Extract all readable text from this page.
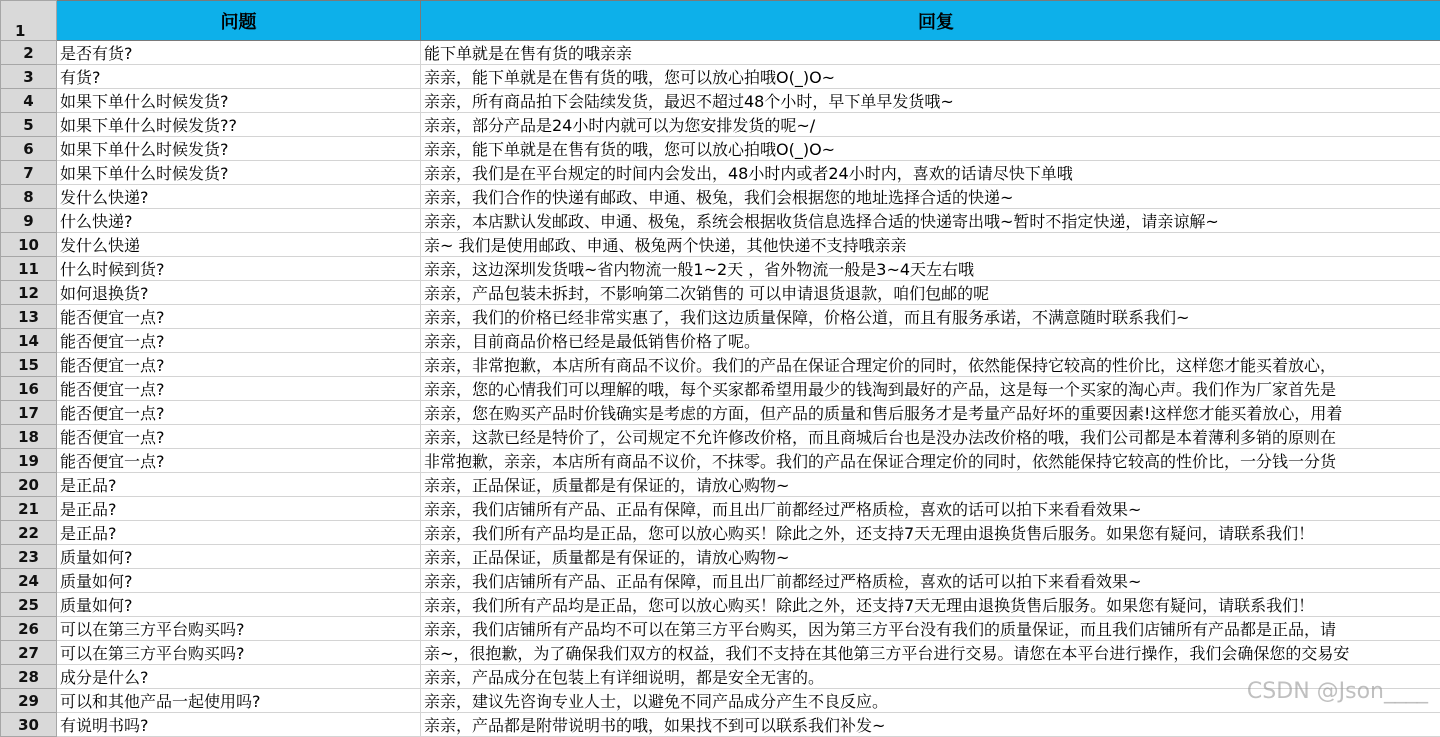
1	问题	回复
2	是否有货?	能下单就是在售有货的哦亲亲
3	有货?	亲亲，能下单就是在售有货的哦，您可以放心拍哦O(_)O~
4	如果下单什么时候发货?	亲亲，所有商品拍下会陆续发货，最迟不超过48个小时，早下单早发货哦~
5	如果下单什么时候发货??	亲亲，部分产品是24小时内就可以为您安排发货的呢~/
6	如果下单什么时候发货?	亲亲，能下单就是在售有货的哦，您可以放心拍哦O(_)O~
7	如果下单什么时候发货?	亲亲，我们是在平台规定的时间内会发出，48小时内或者24小时内，喜欢的话请尽快下单哦
8	发什么快递?	亲亲，我们合作的快递有邮政、申通、极兔，我们会根据您的地址选择合适的快递~
9	什么快递?	亲亲，本店默认发邮政、申通、极兔，系统会根据收货信息选择合适的快递寄出哦~暂时不指定快递，请亲谅解~
10	发什么快递	亲~ 我们是使用邮政、申通、极兔两个快递，其他快递不支持哦亲亲
11	什么时候到货?	亲亲，这边深圳发货哦~省内物流一般1~2天 ，省外物流一般是3~4天左右哦
12	如何退换货?	亲亲，产品包装未拆封，不影响第二次销售的 可以申请退货退款，咱们包邮的呢
13	能否便宜一点?	亲亲，我们的价格已经非常实惠了，我们这边质量保障，价格公道，而且有服务承诺，不满意随时联系我们~
14	能否便宜一点?	亲亲，目前商品价格已经是最低销售价格了呢。
15	能否便宜一点?	亲亲，非常抱歉，本店所有商品不议价。我们的产品在保证合理定价的同时，依然能保持它较高的性价比，这样您才能买着放心，
16	能否便宜一点?	亲亲，您的心情我们可以理解的哦，每个买家都希望用最少的钱淘到最好的产品，这是每一个买家的淘心声。我们作为厂家首先是
17	能否便宜一点?	亲亲，您在购买产品时价钱确实是考虑的方面，但产品的质量和售后服务才是考量产品好坏的重要因素!这样您才能买着放心，用着
18	能否便宜一点?	亲亲，这款已经是特价了，公司规定不允许修改价格，而且商城后台也是没办法改价格的哦，我们公司都是本着薄利多销的原则在
19	能否便宜一点?	非常抱歉，亲亲，本店所有商品不议价，不抹零。我们的产品在保证合理定价的同时，依然能保持它较高的性价比，一分钱一分货
20	是正品?	亲亲，正品保证，质量都是有保证的，请放心购物~
21	是正品?	亲亲，我们店铺所有产品、正品有保障，而且出厂前都经过严格质检，喜欢的话可以拍下来看看效果~
22	是正品?	亲亲，我们所有产品均是正品，您可以放心购买！除此之外，还支持7天无理由退换货售后服务。如果您有疑问，请联系我们！
23	质量如何?	亲亲，正品保证，质量都是有保证的，请放心购物~
24	质量如何?	亲亲，我们店铺所有产品、正品有保障，而且出厂前都经过严格质检，喜欢的话可以拍下来看看效果~
25	质量如何?	亲亲，我们所有产品均是正品，您可以放心购买！除此之外，还支持7天无理由退换货售后服务。如果您有疑问，请联系我们！
26	可以在第三方平台购买吗?	亲亲，我们店铺所有产品均不可以在第三方平台购买，因为第三方平台没有我们的质量保证，而且我们店铺所有产品都是正品，请
27	可以在第三方平台购买吗?	亲~，很抱歉，为了确保我们双方的权益，我们不支持在其他第三方平台进行交易。请您在本平台进行操作，我们会确保您的交易安
28	成分是什么?	亲亲，产品成分在包装上有详细说明，都是安全无害的。
29	可以和其他产品一起使用吗?	亲亲，建议先咨询专业人士，以避免不同产品成分产生不良反应。
30	有说明书吗?	亲亲，产品都是附带说明书的哦，如果找不到可以联系我们补发~
CSDN @Json____
